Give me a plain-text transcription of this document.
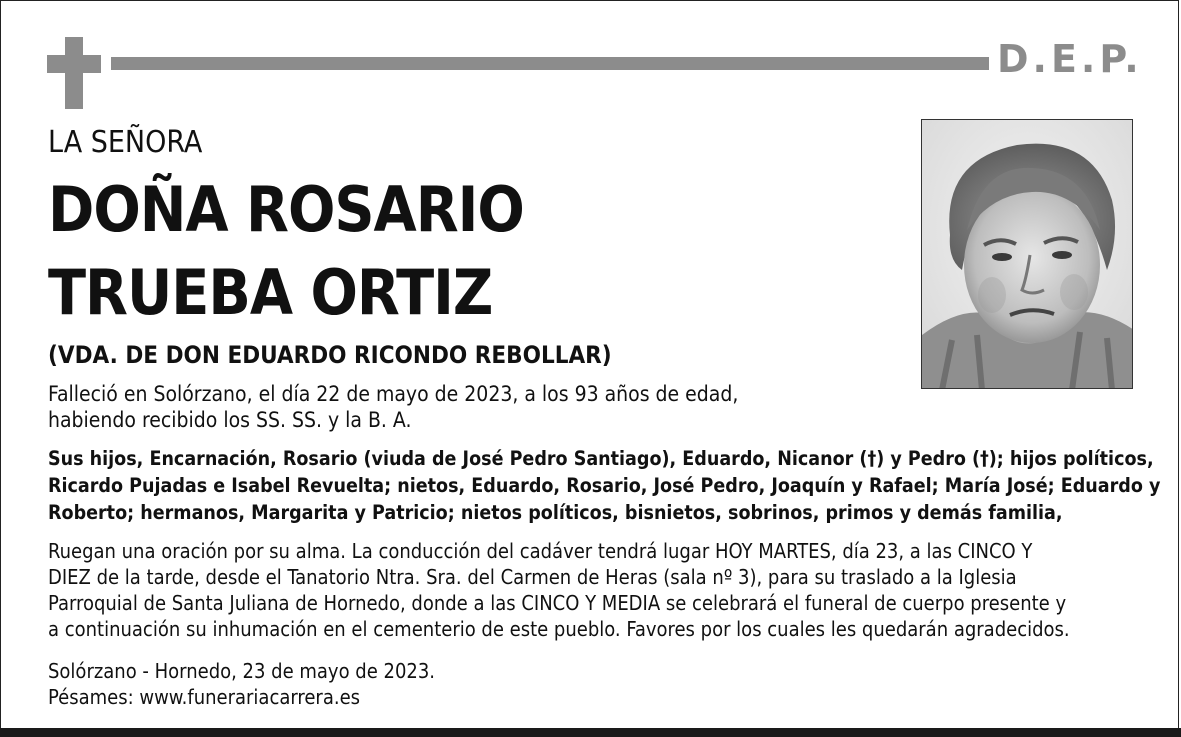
D.E.P.
LA SEÑORA
DOÑA ROSARIO
TRUEBA ORTIZ
(VDA. DE DON EDUARDO RICONDO REBOLLAR)
Falleció en Solórzano, el día 22 de mayo de 2023, a los 93 años de edad,
habiendo recibido los SS. SS. y la B. A.
Sus hijos, Encarnación, Rosario (viuda de José Pedro Santiago), Eduardo, Nicanor (†) y Pedro (†); hijos políticos,
Ricardo Pujadas e Isabel Revuelta; nietos, Eduardo, Rosario, José Pedro, Joaquín y Rafael; María José; Eduardo y
Roberto; hermanos, Margarita y Patricio; nietos políticos, bisnietos, sobrinos, primos y demás familia,
Ruegan una oración por su alma. La conducción del cadáver tendrá lugar HOY MARTES, día 23, a las CINCO Y
DIEZ de la tarde, desde el Tanatorio Ntra. Sra. del Carmen de Heras (sala nº 3), para su traslado a la Iglesia
Parroquial de Santa Juliana de Hornedo, donde a las CINCO Y MEDIA se celebrará el funeral de cuerpo presente y
a continuación su inhumación en el cementerio de este pueblo. Favores por los cuales les quedarán agradecidos.
Solórzano - Hornedo, 23 de mayo de 2023.
Pésames: www.funerariacarrera.es
